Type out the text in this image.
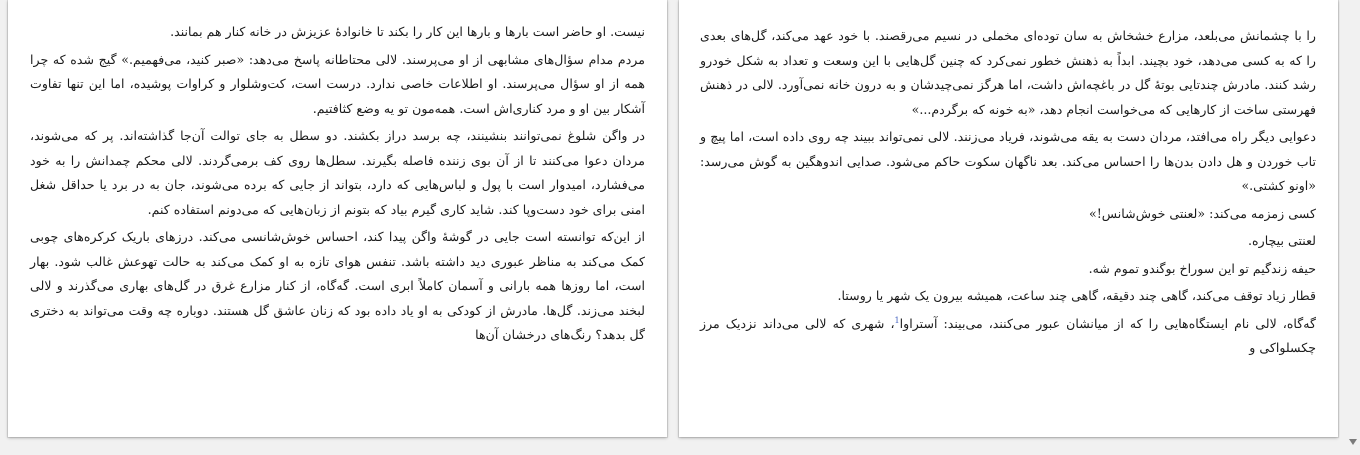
نیست. او حاضر است بارها و بارها این کار را بکند تا خانوادهٔ عزیزش در خانه کنار هم بمانند.

مردم مدام سؤال‌های مشابهی از او می‌پرسند. لالی محتاطانه پاسخ می‌دهد: «صبر کنید، می‌فهمیم.» گیج شده که چرا همه از او سؤال می‌پرسند. او اطلاعات خاصی ندارد. درست است، کت‌وشلوار و کراوات پوشیده، اما این تنها تفاوت آشکار بین او و مرد کناری‌اش است. همه‌مون تو یه وضع کثافتیم.

در واگن شلوغ نمی‌توانند بنشینند، چه برسد دراز بکشند. دو سطل به جای توالت آن‌جا گذاشته‌اند. پر که می‌شوند، مردان دعوا می‌کنند تا از آن بوی زننده فاصله بگیرند. سطل‌ها روی کف برمی‌گردند. لالی محکم چمدانش را به خود می‌فشارد، امیدوار است با پول و لباس‌هایی که دارد، بتواند از جایی که برده می‌شوند، جان به در برد یا حداقل شغل امنی برای خود دست‌وپا کند. شاید کاری گیرم بیاد که بتونم از زبان‌هایی که می‌دونم استفاده کنم.

از این‌که توانسته است جایی در گوشهٔ واگن پیدا کند، احساس خوش‌شانسی می‌کند. درزهای باریک کرکره‌های چوبی کمک می‌کند به مناظر عبوری دید داشته باشد. تنفس هوای تازه به او کمک می‌کند به حالت تهوعش غالب شود. بهار است، اما روزها همه بارانی و آسمان کاملاً ابری است. گه‌گاه، از کنار مزارع غرق در گل‌های بهاری می‌گذرند و لالی لبخند می‌زند. گل‌ها. مادرش از کودکی به او یاد داده بود که زنان عاشق گل هستند. دوباره چه وقت می‌تواند به دختری گل بدهد؟ رنگ‌های درخشان آن‌ها

را با چشمانش می‌بلعد، مزارع خشخاش به سان توده‌ای مخملی در نسیم می‌رقصند. با خود عهد می‌کند، گل‌های بعدی را که به کسی می‌دهد، خود بچیند. ابداً به ذهنش خطور نمی‌کرد که چنین گل‌هایی با این وسعت و تعداد به شکل خودرو رشد کنند. مادرش چندتایی بوتهٔ گل در باغچه‌اش داشت، اما هرگز نمی‌چیدشان و به درون خانه نمی‌آورد. لالی در ذهنش فهرستی ساخت از کارهایی که می‌خواست انجام دهد، «به خونه که برگردم...»

دعوایی دیگر راه می‌افتد، مردان دست به یقه می‌شوند، فریاد می‌زنند. لالی نمی‌تواند ببیند چه روی داده است، اما پیچ و تاب خوردن و هل دادن بدن‌ها را احساس می‌کند. بعد ناگهان سکوت حاکم می‌شود. صدایی اندوهگین به گوش می‌رسد: «اونو کشتی.»

کسی زمزمه می‌کند: «لعنتی خوش‌شانس!»

لعنتی بیچاره.

حیفه زندگیم تو این سوراخ بوگندو تموم شه.

قطار زیاد توقف می‌کند، گاهی چند دقیقه، گاهی چند ساعت، همیشه بیرون یک شهر یا روستا.

گه‌گاه، لالی نام ایستگاه‌هایی را که از میانشان عبور می‌کنند، می‌بیند: آستراوا$^1$، شهری که لالی می‌داند نزدیک مرز چکسلواکی و
